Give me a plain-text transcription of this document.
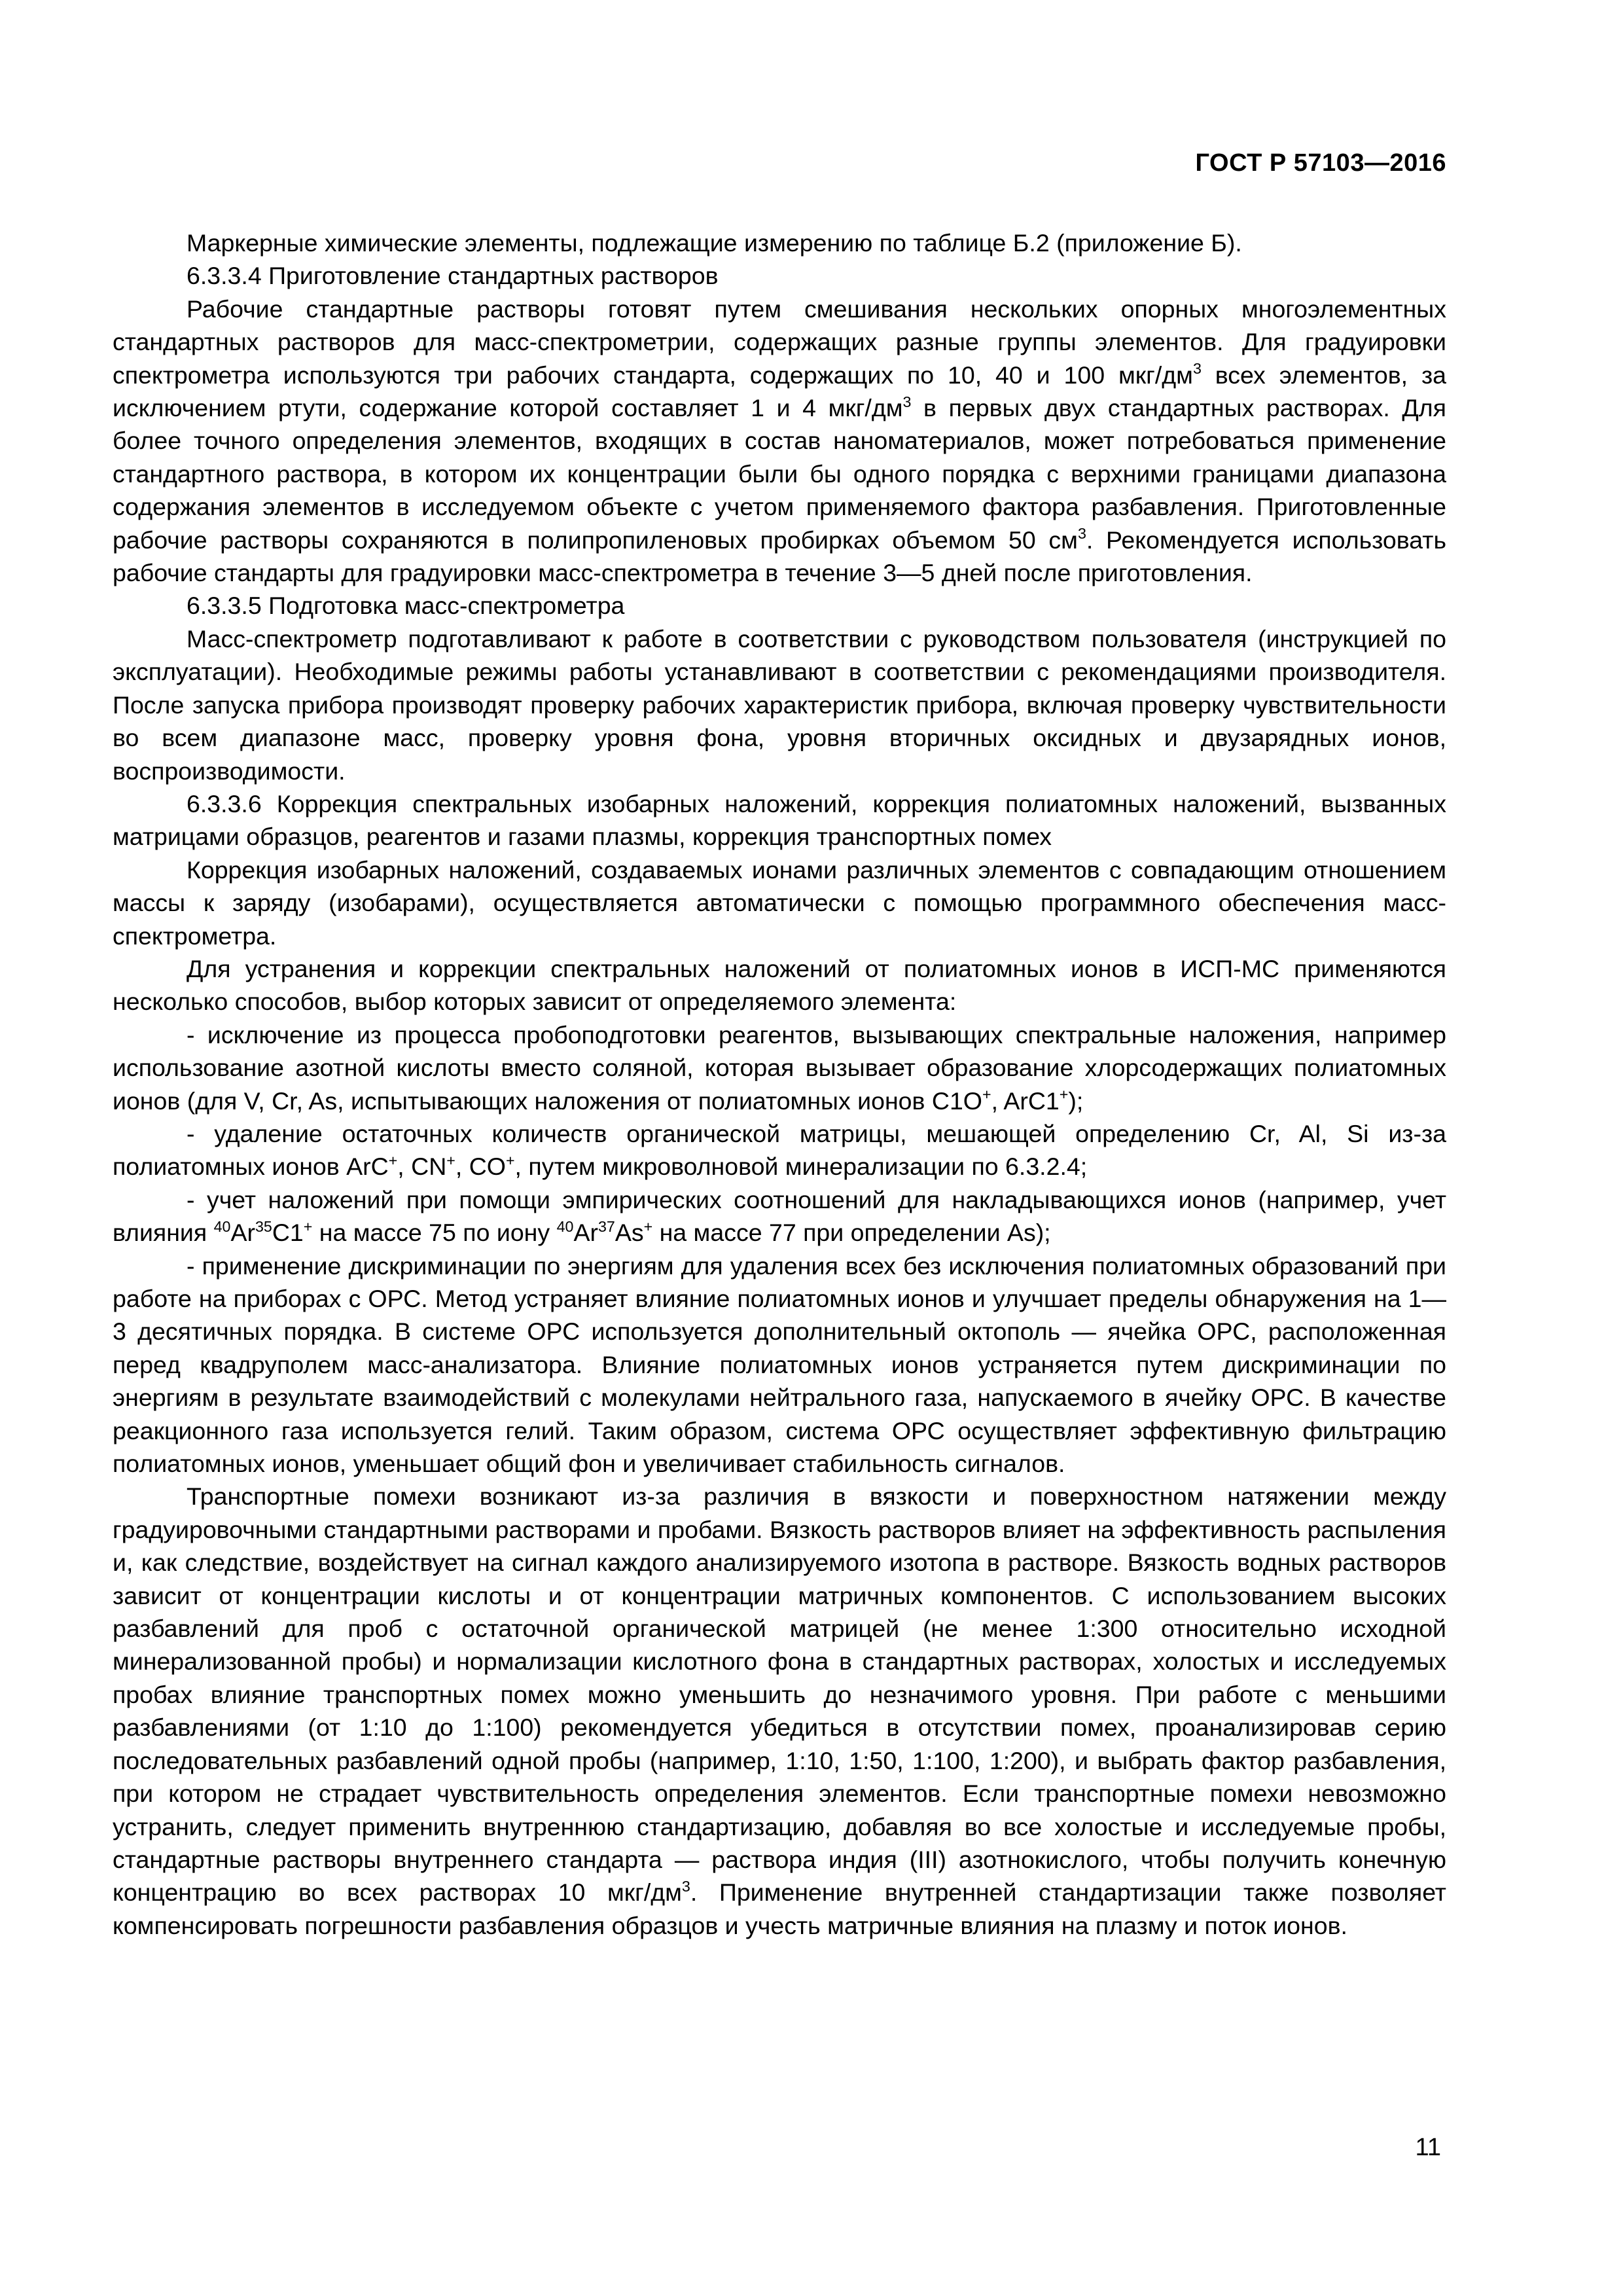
ГОСТ Р 57103—2016

Маркерные химические элементы, подлежащие измерению по таблице Б.2 (приложение Б).

6.3.3.4 Приготовление стандартных растворов

Рабочие стандартные растворы готовят путем смешивания нескольких опорных многоэлементных стандартных растворов для масс-спектрометрии, содержащих разные группы элементов. Для градуировки спектрометра используются три рабочих стандарта, содержащих по 10, 40 и 100 мкг/$дм^3$ всех элементов, за исключением ртути, содержание которой составляет 1 и 4 мкг/$дм^3$ в первых двух стандартных растворах. Для более точного определения элементов, входящих в состав наноматериалов, может потребоваться применение стандартного раствора, в котором их концентрации были бы одного порядка с верхними границами диапазона содержания элементов в исследуемом объекте с учетом применяемого фактора разбавления. Приготовленные рабочие растворы сохраняются в полипропиленовых пробирках объемом 50 $см^3$. Рекомендуется использовать рабочие стандарты для градуировки масс-спектрометра в течение 3—5 дней после приготовления.

6.3.3.5 Подготовка масс-спектрометра

Масс-спектрометр подготавливают к работе в соответствии с руководством пользователя (инструкцией по эксплуатации). Необходимые режимы работы устанавливают в соответствии с рекомендациями производителя. После запуска прибора производят проверку рабочих характеристик прибора, включая проверку чувствительности во всем диапазоне масс, проверку уровня фона, уровня вторичных оксидных и двузарядных ионов, воспроизводимости.

6.3.3.6 Коррекция спектральных изобарных наложений, коррекция полиатомных наложений, вызванных матрицами образцов, реагентов и газами плазмы, коррекция транспортных помех

Коррекция изобарных наложений, создаваемых ионами различных элементов с совпадающим отношением массы к заряду (изобарами), осуществляется автоматически с помощью программного обеспечения масс-спектрометра.

Для устранения и коррекции спектральных наложений от полиатомных ионов в ИСП-МС применяются несколько способов, выбор которых зависит от определяемого элемента:

- исключение из процесса пробоподготовки реагентов, вызывающих спектральные наложения, например использование азотной кислоты вместо соляной, которая вызывает образование хлорсодержащих полиатомных ионов (для V, Cr, As, испытывающих наложения от полиатомных ионов C1O+, ArC1+);

- удаление остаточных количеств органической матрицы, мешающей определению Cr, Al, Si из-за полиатомных ионов ArC+, CN+, CO+, путем микроволновой минерализации по 6.3.2.4;

- учет наложений при помощи эмпирических соотношений для накладывающихся ионов (например, учет влияния $^{40}$Ar$^{35}$C1+ на массе 75 по иону $^{40}$Ar$^{37}$As+ на массе 77 при определении As);

- применение дискриминации по энергиям для удаления всех без исключения полиатомных образований при работе на приборах с ОРС. Метод устраняет влияние полиатомных ионов и улучшает пределы обнаружения на 1—3 десятичных порядка. В системе ОРС используется дополнительный октополь — ячейка ОРС, расположенная перед квадруполем масс-анализатора. Влияние полиатомных ионов устраняется путем дискриминации по энергиям в результате взаимодействий с молекулами нейтрального газа, напускаемого в ячейку ОРС. В качестве реакционного газа используется гелий. Таким образом, система ОРС осуществляет эффективную фильтрацию полиатомных ионов, уменьшает общий фон и увеличивает стабильность сигналов.

Транспортные помехи возникают из-за различия в вязкости и поверхностном натяжении между градуировочными стандартными растворами и пробами. Вязкость растворов влияет на эффективность распыления и, как следствие, воздействует на сигнал каждого анализируемого изотопа в растворе. Вязкость водных растворов зависит от концентрации кислоты и от концентрации матричных компонентов. С использованием высоких разбавлений для проб с остаточной органической матрицей (не менее 1:300 относительно исходной минерализованной пробы) и нормализации кислотного фона в стандартных растворах, холостых и исследуемых пробах влияние транспортных помех можно уменьшить до незначимого уровня. При работе с меньшими разбавлениями (от 1:10 до 1:100) рекомендуется убедиться в отсутствии помех, проанализировав серию последовательных разбавлений одной пробы (например, 1:10, 1:50, 1:100, 1:200), и выбрать фактор разбавления, при котором не страдает чувствительность определения элементов. Если транспортные помехи невозможно устранить, следует применить внутреннюю стандартизацию, добавляя во все холостые и исследуемые пробы, стандартные растворы внутреннего стандарта — раствора индия (III) азотнокислого, чтобы получить конечную концентрацию во всех растворах 10 мкг/$дм^3$. Применение внутренней стандартизации также позволяет компенсировать погрешности разбавления образцов и учесть матричные влияния на плазму и поток ионов.

11
